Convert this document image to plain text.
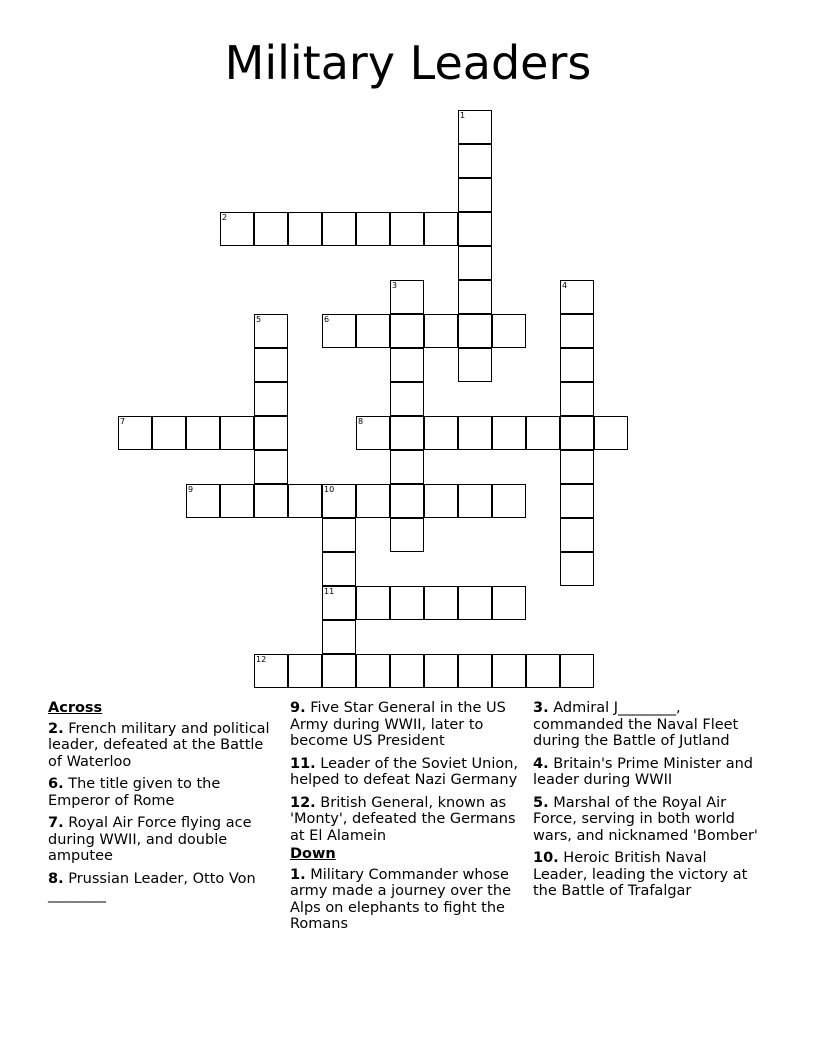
Military Leaders
1
2
3	4
5	6
7	8
9	10
11
12
Across
2. French military and political leader, defeated at the Battle of Waterloo
6. The title given to the Emperor of Rome
7. Royal Air Force flying ace during WWII, and double amputee
8. Prussian Leader, Otto Von ________
9. Five Star General in the US Army during WWII, later to become US President
11. Leader of the Soviet Union, helped to defeat Nazi Germany
12. British General, known as 'Monty', defeated the Germans at El Alamein
Down
1. Military Commander whose army made a journey over the Alps on elephants to fight the Romans
3. Admiral J________, commanded the Naval Fleet during the Battle of Jutland
4. Britain's Prime Minister and leader during WWII
5. Marshal of the Royal Air Force, serving in both world wars, and nicknamed 'Bomber'
10. Heroic British Naval Leader, leading the victory at the Battle of Trafalgar
